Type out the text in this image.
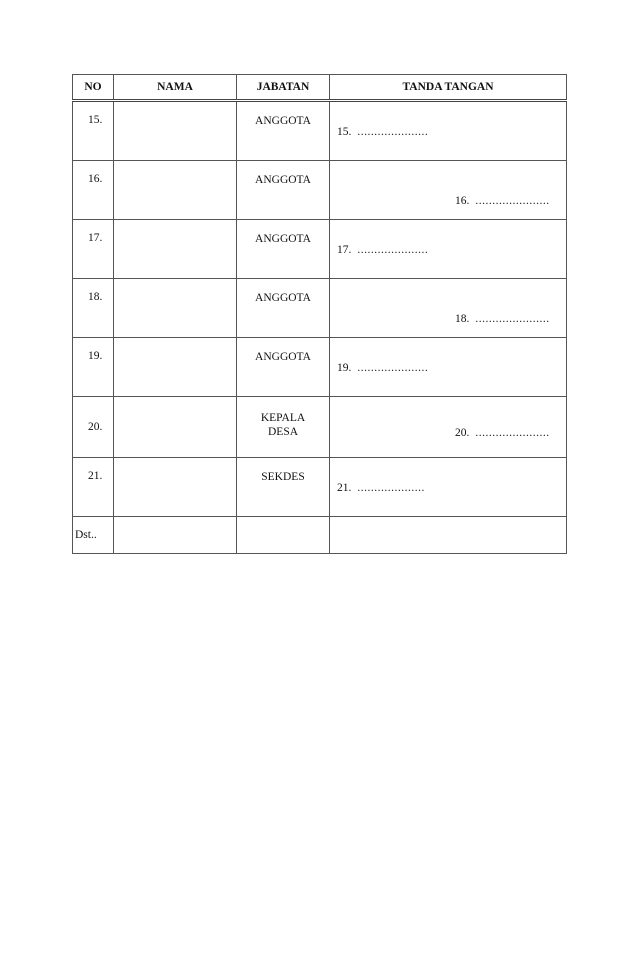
NO	NAMA	JABATAN	TANDA TANGAN
15.		ANGGOTA	15. .....................

16.		ANGGOTA	16. ......................

17.		ANGGOTA	17. .....................

18.		ANGGOTA	18. ......................

19.		ANGGOTA	19. .....................

20.		KEPALA DESA	20. ......................

21.		SEKDES	21. ....................

Dst..			
